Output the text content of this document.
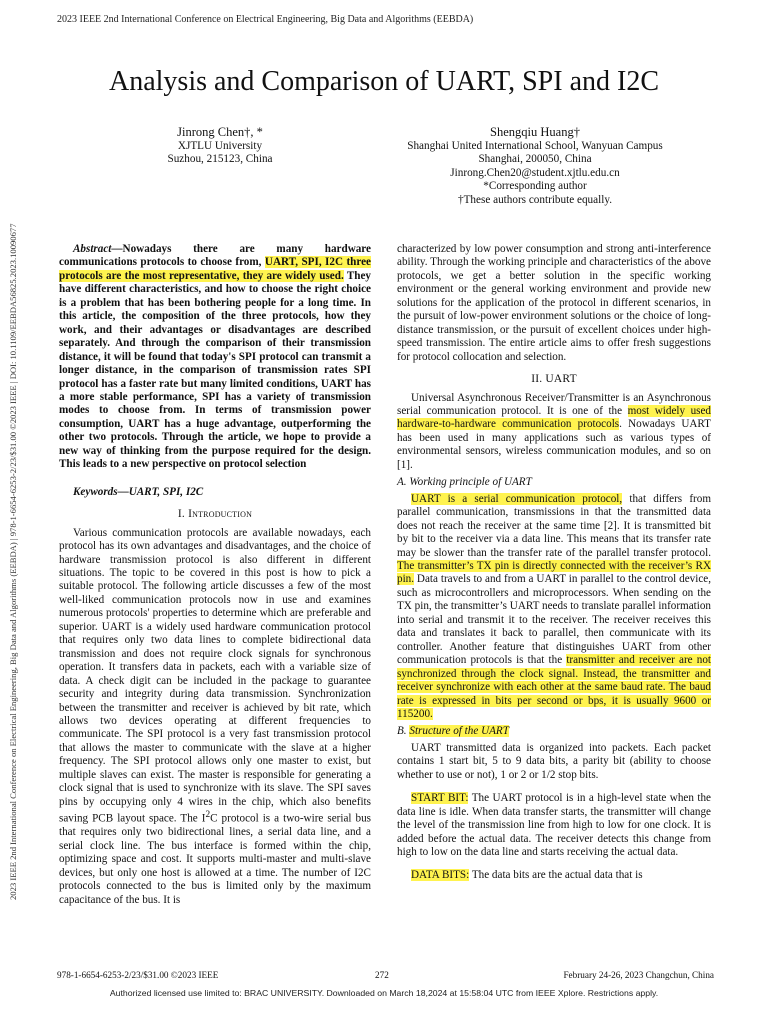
2023 IEEE 2nd International Conference on Electrical Engineering, Big Data and Algorithms (EEBDA)
Analysis and Comparison of UART, SPI and I2C
Jinrong Chen†, *
XJTLU University
Suzhou, 215123, China
Shengqiu Huang†
Shanghai United International School, Wanyuan Campus
Shanghai, 200050, China
Jinrong.Chen20@student.xjtlu.edu.cn
*Corresponding author
†These authors contribute equally.
2023 IEEE 2nd International Conference on Electrical Engineering, Big Data and Algorithms (EEBDA) | 978-1-6654-6253-2/23/$31.00 ©2023 IEEE | DOI: 10.1109/EEBDA56825.2023.10090677	Abstract—Nowadays there are many hardware communications protocols to choose from, UART, SPI, I2C three protocols are the most representative, they are widely used. They have different characteristics, and how to choose the right choice is a problem that has been bothering people for a long time. In this article, the composition of the three protocols, how they work, and their advantages or disadvantages are described separately. And through the comparison of their transmission distance, it will be found that today's SPI protocol can transmit a longer distance, in the comparison of transmission rates SPI protocol has a faster rate but many limited conditions, UART has a more stable performance, SPI has a variety of transmission modes to choose from. In terms of transmission power consumption, UART has a huge advantage, outperforming the other two protocols. Through the article, we hope to provide a new way of thinking from the purpose required for the design. This leads to a new perspective on protocol selection

Keywords—UART, SPI, I2C

I. Introduction

Various communication protocols are available nowadays, each protocol has its own advantages and disadvantages, and the choice of hardware transmission protocol is also different in different situations. The topic to be covered in this post is how to pick a suitable protocol. The following article discusses a few of the most well-liked communication protocols now in use and examines numerous protocols' properties to determine which are preferable and superior. UART is a widely used hardware communication protocol that requires only two data lines to complete bidirectional data transmission and does not require clock signals for synchronous operation. It transfers data in packets, each with a variable size of data. A check digit can be included in the package to guarantee security and integrity during data transmission. Synchronization between the transmitter and receiver is achieved by bit rate, which allows two devices operating at different frequencies to communicate. The SPI protocol is a very fast transmission protocol that allows the master to communicate with the slave at a higher frequency. The SPI protocol allows only one master to exist, but multiple slaves can exist. The master is responsible for generating a clock signal that is used to synchronize with its slave. The SPI saves pins by occupying only 4 wires in the chip, which also benefits saving PCB layout space. The $I^2C$ protocol is a two-wire serial bus that requires only two bidirectional lines, a serial data line, and a serial clock line. The bus interface is formed within the chip, optimizing space and cost. It supports multi-master and multi-slave devices, but only one host is allowed at a time. The number of I2C protocols connected to the bus is limited only by the maximum capacitance of the bus. It is

characterized by low power consumption and strong anti-interference ability. Through the working principle and characteristics of the above protocols, we get a better solution in the specific working environment or the general working environment and provide new solutions for the application of the protocol in different scenarios, in the pursuit of low-power environment solutions or the choice of long-distance transmission, or the pursuit of excellent choices under high-speed transmission. The entire article aims to offer fresh suggestions for protocol collocation and selection.

II. UART

Universal Asynchronous Receiver/Transmitter is an Asynchronous serial communication protocol. It is one of the most widely used hardware-to-hardware communication protocols. Nowadays UART has been used in many applications such as various types of environmental sensors, wireless communication modules, and so on [1].

A. Working principle of UART

UART is a serial communication protocol, that differs from parallel communication, transmissions in that the transmitted data does not reach the receiver at the same time [2]. It is transmitted bit by bit to the receiver via a data line. This means that its transfer rate may be slower than the transfer rate of the parallel transfer protocol. The transmitter’s TX pin is directly connected with the receiver’s RX pin. Data travels to and from a UART in parallel to the control device, such as microcontrollers and microprocessors. When sending on the TX pin, the transmitter’s UART needs to translate parallel information into serial and transmit it to the receiver. The receiver receives this data and translates it back to parallel, then communicate with its controller. Another feature that distinguishes UART from other communication protocols is that the transmitter and receiver are not synchronized through the clock signal. Instead, the transmitter and receiver synchronize with each other at the same baud rate. The baud rate is expressed in bits per second or bps, it is usually 9600 or 115200.

B. Structure of the UART

UART transmitted data is organized into packets. Each packet contains 1 start bit, 5 to 9 data bits, a parity bit (ability to choose whether to use or not), 1 or 2 or 1/2 stop bits.

START BIT: The UART protocol is in a high-level state when the data line is idle. When data transfer starts, the transmitter will change the level of the transmission line from high to low for one clock. It is added before the actual data. The receiver detects this change from high to low on the data line and starts receiving the actual data.

DATA BITS: The data bits are the actual data that is

978-1-6654-6253-2/23/$31.00 ©2023 IEEE	272	February 24-26, 2023 Changchun, China
Authorized licensed use limited to: BRAC UNIVERSITY. Downloaded on March 18,2024 at 15:58:04 UTC from IEEE Xplore. Restrictions apply.
